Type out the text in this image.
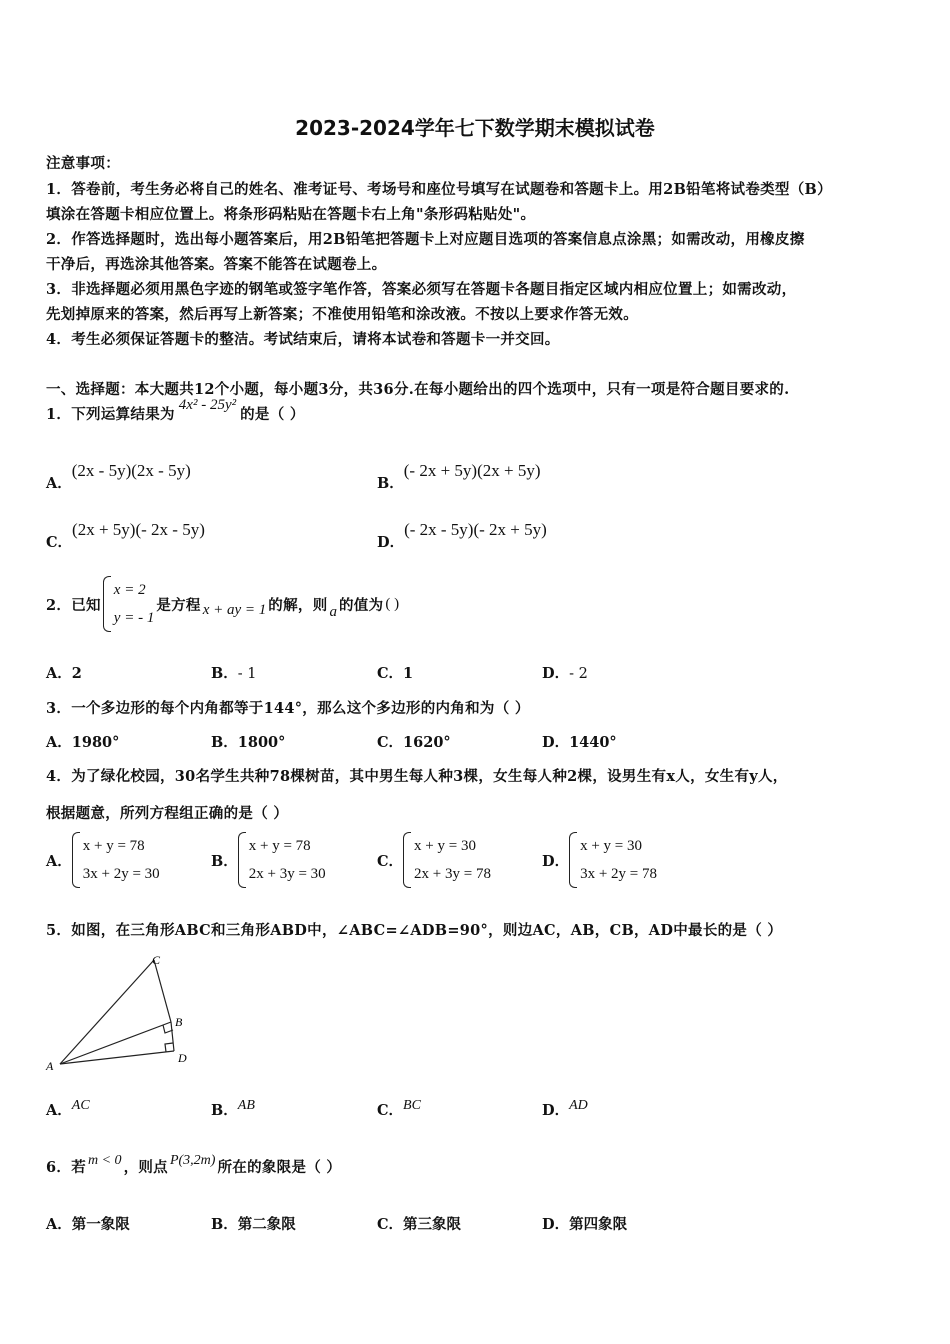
2023-2024学年七下数学期末模拟试卷
注意事项：
1．答卷前，考生务必将自己的姓名、准考证号、考场号和座位号填写在试题卷和答题卡上。用2B铅笔将试卷类型（B）
填涂在答题卡相应位置上。将条形码粘贴在答题卡右上角"条形码粘贴处"。
2．作答选择题时，选出每小题答案后，用2B铅笔把答题卡上对应题目选项的答案信息点涂黑；如需改动，用橡皮擦
干净后，再选涂其他答案。答案不能答在试题卷上。
3．非选择题必须用黑色字迹的钢笔或签字笔作答，答案必须写在答题卡各题目指定区域内相应位置上；如需改动，
先划掉原来的答案，然后再写上新答案；不准使用铅笔和涂改液。不按以上要求作答无效。
4．考生必须保证答题卡的整洁。考试结束后，请将本试卷和答题卡一并交回。
一、选择题：本大题共12个小题，每小题3分，共36分.在每小题给出的四个选项中，只有一项是符合题目要求的.
1．下列运算结果为
4x² - 25y²
的是（ ）
A．(2x - 5y)(2x - 5y)
B．(- 2x + 5y)(2x + 5y)
C．(2x + 5y)(- 2x - 5y)
D．(- 2x - 5y)(- 2x + 5y)
2．已知
x = 2
y = - 1
是方程 x + ay = 1 的解，则 a 的值为 ( )
A．2	B．- 1	C．1	D．- 2
3．一个多边形的每个内角都等于144°，那么这个多边形的内角和为（ ）
A．1980°	B．1800°	C．1620°	D．1440°
4．为了绿化校园，30名学生共种78棵树苗，其中男生每人种3棵，女生每人种2棵，设男生有x人，女生有y人，
根据题意，所列方程组正确的是（ ）
A．
x + y = 78
3x + 2y = 30
B．
x + y = 78
2x + 3y = 30
C．
x + y = 30
2x + 3y = 78
D．
x + y = 30
3x + 2y = 78
5．如图，在三角形ABC和三角形ABD中，∠ABC=∠ADB=90°，则边AC，AB，CB，AD中最长的是（ ）
A
C
B
D
A．AC	B．AB	C．BC	D．AD
6．若 m < 0 ，则点 P(3,2m) 所在的象限是（ ）
A．第一象限	B．第二象限	C．第三象限	D．第四象限
